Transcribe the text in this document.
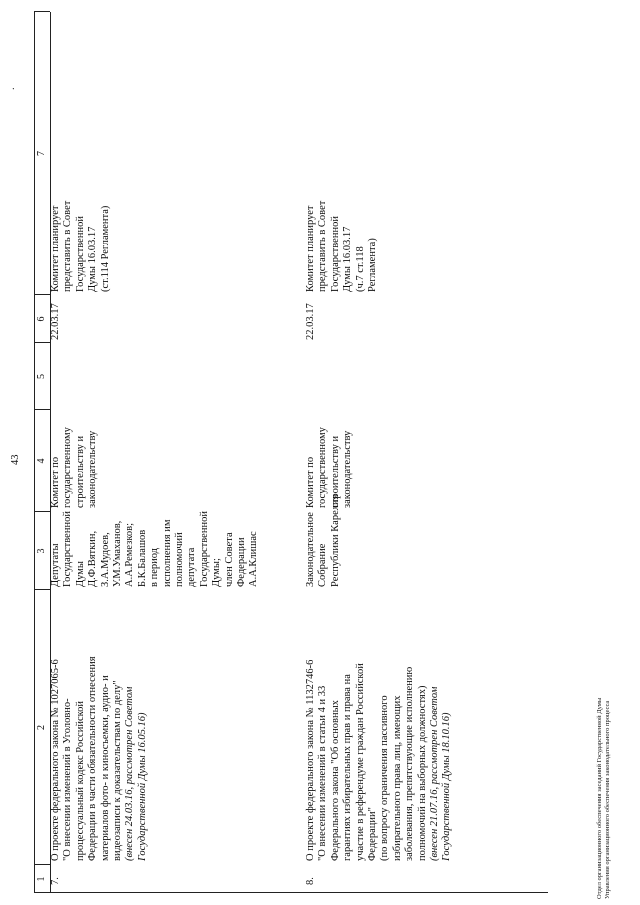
43
.
Отдел организационного обеспечения заседаний Государственной Думы Управления организационного обеспечения законодательного процесса
1
2
3
4
5
6
7
7.
О проекте федерального закона № 1027065-6 "О внесении изменений в Уголовно- процессуальный кодекс Российской Федерации в части обязательности отнесения материалов фото- и киносъемки, аудио- и видеозаписи к доказательствам по делу" (внесен 24.03.16, рассмотрен Советом Государственной Думы 16.05.16)
Депутаты Государственной Думы Д.Ф.Вяткин, З.А.Мудоев, У.М.Умаханов, А.А.Ремезков; Б.К.Балашов в период исполнения им полномочий депутата Государственной Думы; член Совета Федерации А.А.Клишас
Комитет по государственному строительству и законодательству
22.03.17
Комитет планирует представить в Совет Государственной Думы 16.03.17 (ст.114 Регламента)
8.
О проекте федерального закона № 1132746-6 "О внесении изменений в статьи 4 и 33 Федерального закона "Об основных гарантиях избирательных прав и права на участие в референдуме граждан Российской Федерации" (по вопросу ограничения пассивного избирательного права лиц, имеющих заболевания, препятствующие исполнению полномочий на выборных должностях) (внесен 21.07.16, рассмотрен Советом Государственной Думы 18.10.16)
Законодательное Собрание Республики Карелия
Комитет по государственному строительству и законодательству
22.03.17
Комитет планирует представить в Совет Государственной Думы 16.03.17 (ч.7 ст.118 Регламента)
